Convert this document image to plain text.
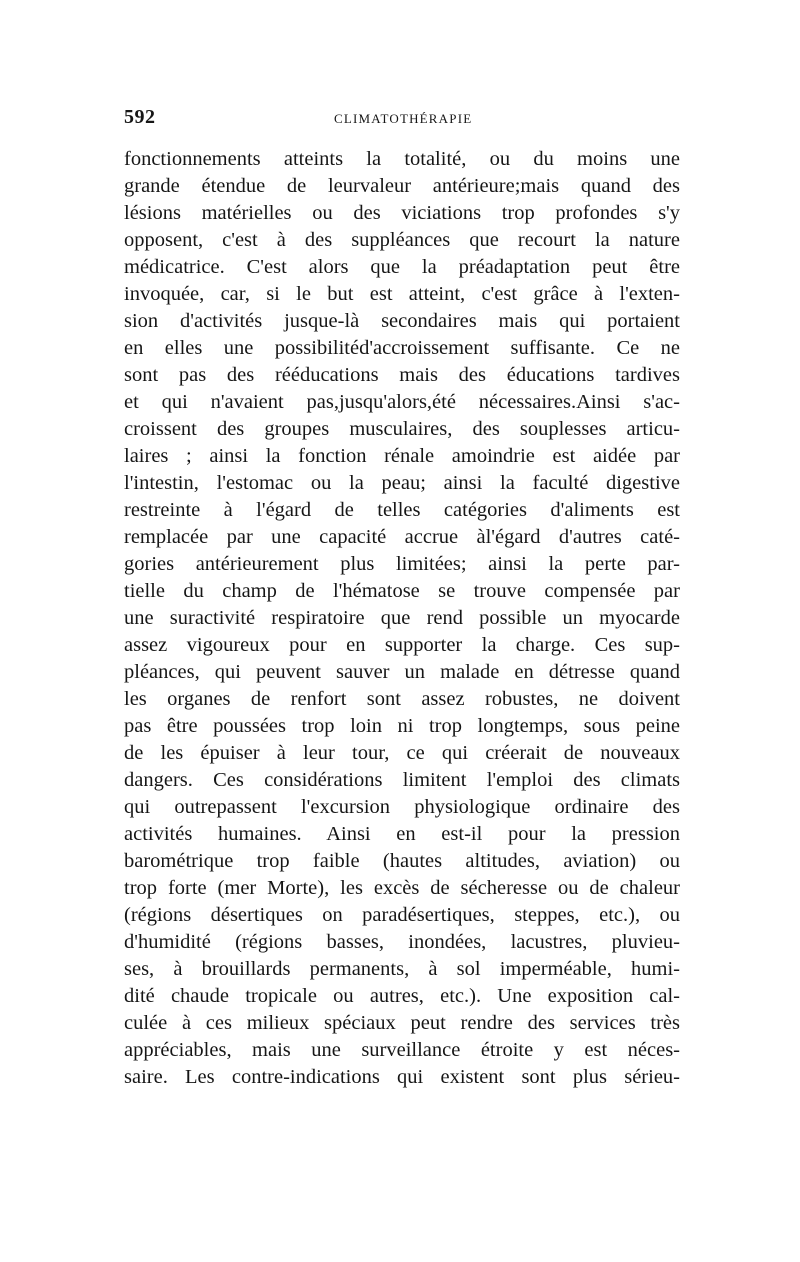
592	CLIMATOTHÉRAPIE
fonctionnements atteints la totalité, ou du moins une
grande étendue de leurvaleur antérieure;mais quand des
lésions matérielles ou des viciations trop profondes s'y
opposent, c'est à des suppléances que recourt la nature
médicatrice. C'est alors que la préadaptation peut être
invoquée, car, si le but est atteint, c'est grâce à l'exten-
sion d'activités jusque-là secondaires mais qui portaient
en elles une possibilitéd'accroissement suffisante. Ce ne
sont pas des rééducations mais des éducations tardives
et qui n'avaient pas,jusqu'alors,été nécessaires.Ainsi s'ac-
croissent des groupes musculaires, des souplesses articu-
laires ; ainsi la fonction rénale amoindrie est aidée par
l'intestin, l'estomac ou la peau; ainsi la faculté digestive
restreinte à l'égard de telles catégories d'aliments est
remplacée par une capacité accrue àl'égard d'autres caté-
gories antérieurement plus limitées; ainsi la perte par-
tielle du champ de l'hématose se trouve compensée par
une suractivité respiratoire que rend possible un myocarde
assez vigoureux pour en supporter la charge. Ces sup-
pléances, qui peuvent sauver un malade en détresse quand
les organes de renfort sont assez robustes, ne doivent
pas être poussées trop loin ni trop longtemps, sous peine
de les épuiser à leur tour, ce qui créerait de nouveaux
dangers. Ces considérations limitent l'emploi des climats
qui outrepassent l'excursion physiologique ordinaire des
activités humaines. Ainsi en est-il pour la pression
barométrique trop faible (hautes altitudes, aviation) ou
trop forte (mer Morte), les excès de sécheresse ou de chaleur
(régions désertiques on paradésertiques, steppes, etc.), ou
d'humidité (régions basses, inondées, lacustres, pluvieu-
ses, à brouillards permanents, à sol imperméable, humi-
dité chaude tropicale ou autres, etc.). Une exposition cal-
culée à ces milieux spéciaux peut rendre des services très
appréciables, mais une surveillance étroite y est néces-
saire. Les contre-indications qui existent sont plus sérieu-
